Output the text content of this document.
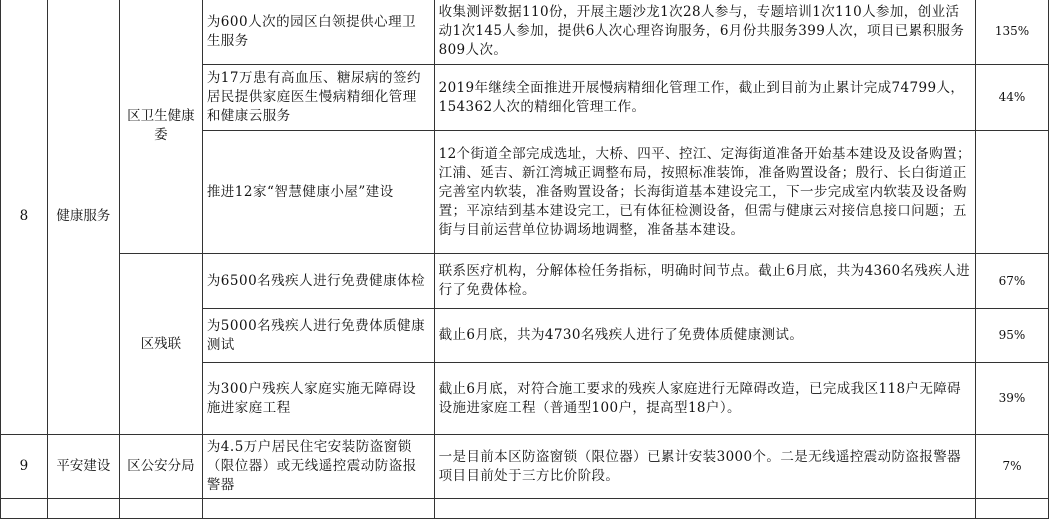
8	健康服务	区卫生健康委	为600人次的园区白领提供心理卫生服务	收集测评数据110份，开展主题沙龙1次28人参与，专题培训1次110人参加，创业活动1次145人参加，提供6人次心理咨询服务，6月份共服务399人次，项目已累积服务809人次。	135%
			为17万患有高血压、糖尿病的签约居民提供家庭医生慢病精细化管理和健康云服务	2019年继续全面推进开展慢病精细化管理工作，截止到目前为止累计完成74799人，154362人次的精细化管理工作。	44%
			推进12家“智慧健康小屋”建设	12个街道全部完成选址，大桥、四平、控江、定海街道准备开始基本建设及设备购置；江浦、延吉、新江湾城正调整布局，按照标准装饰，准备购置设备；殷行、长白街道正完善室内软装，准备购置设备；长海街道基本建设完工，下一步完成室内软装及设备购置；平凉结到基本建设完工，已有体征检测设备，但需与健康云对接信息接口问题；五街与目前运营单位协调场地调整，准备基本建设。	
		区残联	为6500名残疾人进行免费健康体检	联系医疗机构，分解体检任务指标，明确时间节点。截止6月底，共为4360名残疾人进行了免费体检。	67%
			为5000名残疾人进行免费体质健康测试	截止6月底，共为4730名残疾人进行了免费体质健康测试。	95%
			为300户残疾人家庭实施无障碍设施进家庭工程	截止6月底，对符合施工要求的残疾人家庭进行无障碍改造，已完成我区118户无障碍设施进家庭工程（普通型100户，提高型18户）。	39%
9	平安建设	区公安分局	为4.5万户居民住宅安装防盗窗锁（限位器）或无线遥控震动防盗报警器	一是目前本区防盗窗锁（限位器）已累计安装3000个。二是无线遥控震动防盗报警器项目目前处于三方比价阶段。	7%
